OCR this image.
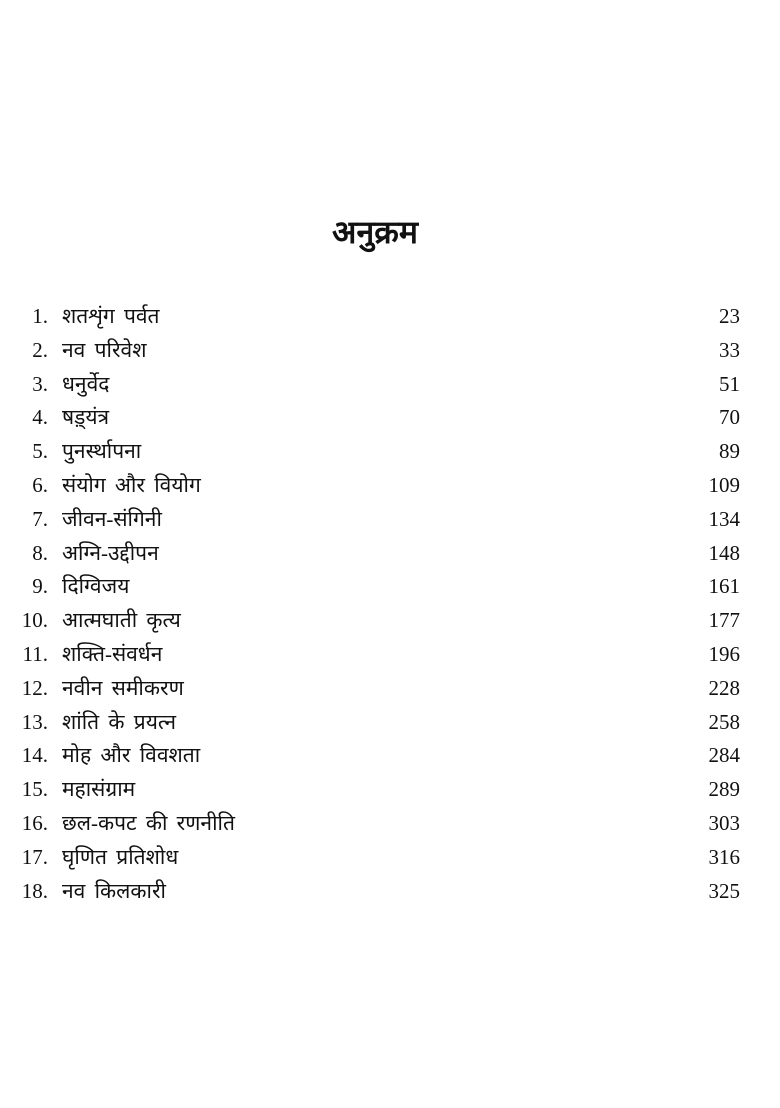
अनुक्रम
1. शतशृंग पर्वत	23
2. नव परिवेश	33
3. धनुर्वेद	51
4. षड़्यंत्र	70
5. पुनर्स्थापना	89
6. संयोग और वियोग	109
7. जीवन-संगिनी	134
8. अग्नि-उद्दीपन	148
9. दिग्विजय	161
10. आत्मघाती कृत्य	177
11. शक्ति-संवर्धन	196
12. नवीन समीकरण	228
13. शांति के प्रयत्न	258
14. मोह और विवशता	284
15. महासंग्राम	289
16. छल-कपट की रणनीति	303
17. घृणित प्रतिशोध	316
18. नव किलकारी	325
